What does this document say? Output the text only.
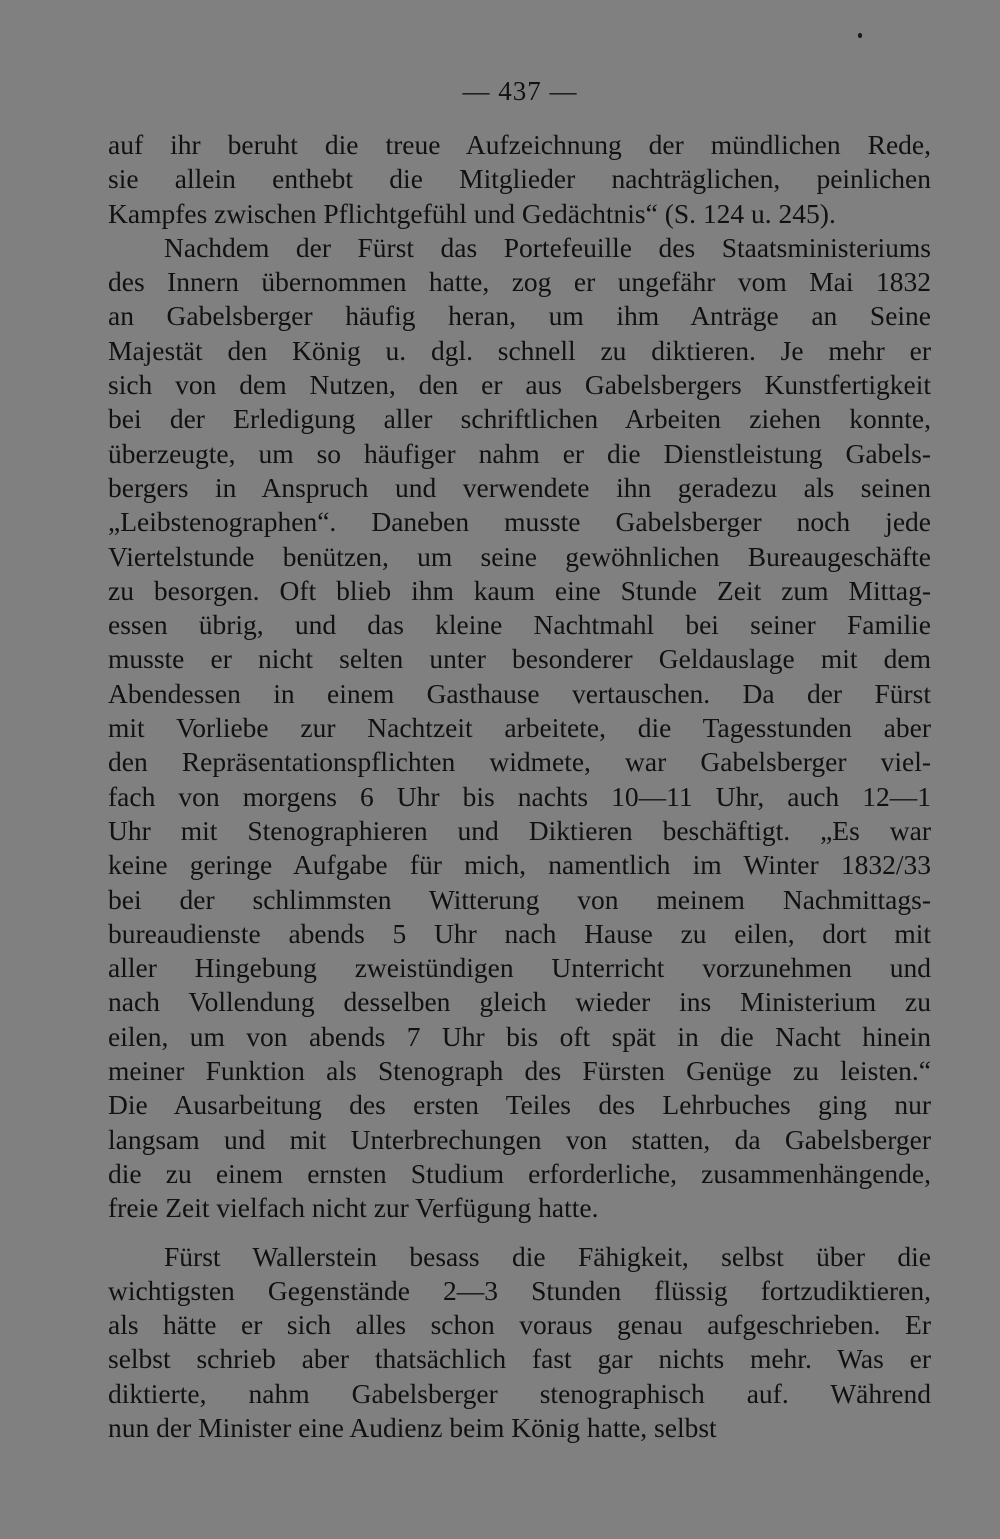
— 437 —
auf ihr beruht die treue Aufzeichnung der mündlichen Rede,
sie allein enthebt die Mitglieder nachträglichen, peinlichen
Kampfes zwischen Pflichtgefühl und Gedächtnis“ (S. 124 u. 245).
Nachdem der Fürst das Portefeuille des Staatsministeriums
des Innern übernommen hatte, zog er ungefähr vom Mai 1832
an Gabelsberger häufig heran, um ihm Anträge an Seine
Majestät den König u. dgl. schnell zu diktieren. Je mehr er
sich von dem Nutzen, den er aus Gabelsbergers Kunstfertigkeit
bei der Erledigung aller schriftlichen Arbeiten ziehen konnte,
überzeugte, um so häufiger nahm er die Dienstleistung Gabels-
bergers in Anspruch und verwendete ihn geradezu als seinen
„Leibstenographen“. Daneben musste Gabelsberger noch jede
Viertelstunde benützen, um seine gewöhnlichen Bureaugeschäfte
zu besorgen. Oft blieb ihm kaum eine Stunde Zeit zum Mittag-
essen übrig, und das kleine Nachtmahl bei seiner Familie
musste er nicht selten unter besonderer Geldauslage mit dem
Abendessen in einem Gasthause vertauschen. Da der Fürst
mit Vorliebe zur Nachtzeit arbeitete, die Tagesstunden aber
den Repräsentationspflichten widmete, war Gabelsberger viel-
fach von morgens 6 Uhr bis nachts 10—11 Uhr, auch 12—1
Uhr mit Stenographieren und Diktieren beschäftigt. „Es war
keine geringe Aufgabe für mich, namentlich im Winter 1832/33
bei der schlimmsten Witterung von meinem Nachmittags-
bureaudienste abends 5 Uhr nach Hause zu eilen, dort mit
aller Hingebung zweistündigen Unterricht vorzunehmen und
nach Vollendung desselben gleich wieder ins Ministerium zu
eilen, um von abends 7 Uhr bis oft spät in die Nacht hinein
meiner Funktion als Stenograph des Fürsten Genüge zu leisten.“
Die Ausarbeitung des ersten Teiles des Lehrbuches ging nur
langsam und mit Unterbrechungen von statten, da Gabelsberger
die zu einem ernsten Studium erforderliche, zusammenhängende,
freie Zeit vielfach nicht zur Verfügung hatte.
Fürst Wallerstein besass die Fähigkeit, selbst über die
wichtigsten Gegenstände 2—3 Stunden flüssig fortzudiktieren,
als hätte er sich alles schon voraus genau aufgeschrieben. Er
selbst schrieb aber thatsächlich fast gar nichts mehr. Was er
diktierte, nahm Gabelsberger stenographisch auf. Während
nun der Minister eine Audienz beim König hatte, selbst
